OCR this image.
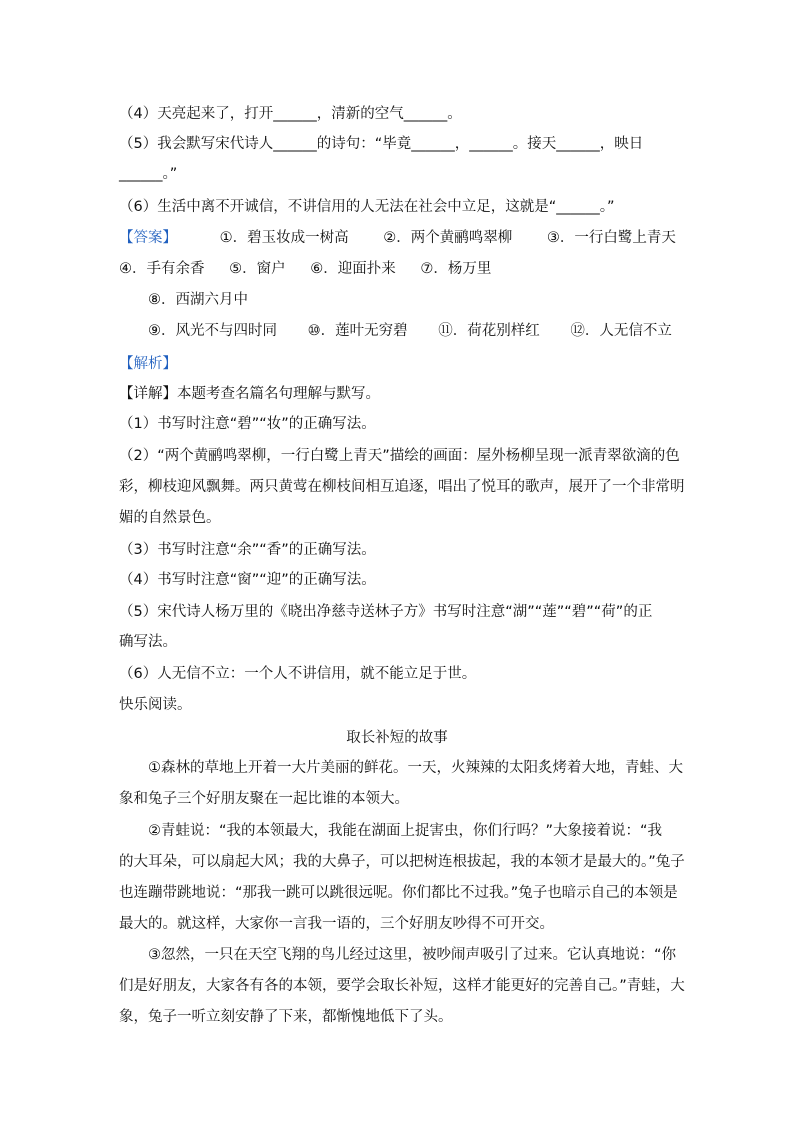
（4）天亮起来了，打开______，清新的空气______。
（5）我会默写宋代诗人______的诗句：“毕竟______，______。接天______，映日
______。”
（6）生活中离不开诚信，不讲信用的人无法在社会中立足，这就是“______。”
【答案】	①．碧玉妆成一树高 ②．两个黄鹂鸣翠柳 ③．一行白鹭上青天
④．手有余香 ⑤．窗户 ⑥．迎面扑来 ⑦．杨万里
⑧．西湖六月中
⑨．风光不与四时同 ⑩．莲叶无穷碧 ⑪．荷花别样红 ⑫．人无信不立
【解析】
【详解】本题考查名篇名句理解与默写。
（1）书写时注意“碧”“妆”的正确写法。
（2）“两个黄鹂鸣翠柳，一行白鹭上青天”描绘的画面：屋外杨柳呈现一派青翠欲滴的色
彩，柳枝迎风飘舞。两只黄莺在柳枝间相互追逐，唱出了悦耳的歌声，展开了一个非常明
媚的自然景色。
（3）书写时注意“余”“香”的正确写法。
（4）书写时注意“窗”“迎”的正确写法。
（5）宋代诗人杨万里的《晓出净慈寺送林子方》书写时注意“湖”“莲”“碧”“荷”的正
确写法。
（6）人无信不立：一个人不讲信用，就不能立足于世。
快乐阅读。
取长补短的故事
①森林的草地上开着一大片美丽的鲜花。一天，火辣辣的太阳炙烤着大地，青蛙、大
象和兔子三个好朋友聚在一起比谁的本领大。
②青蛙说：“我的本领最大，我能在湖面上捉害虫，你们行吗？”大象接着说：“我
的大耳朵，可以扇起大风；我的大鼻子，可以把树连根拔起，我的本领才是最大的。”兔子
也连蹦带跳地说：“那我一跳可以跳很远呢。你们都比不过我。”兔子也暗示自己的本领是
最大的。就这样，大家你一言我一语的，三个好朋友吵得不可开交。
③忽然，一只在天空飞翔的鸟儿经过这里，被吵闹声吸引了过来。它认真地说：“你
们是好朋友，大家各有各的本领，要学会取长补短，这样才能更好的完善自己。”青蛙，大
象，兔子一听立刻安静了下来，都惭愧地低下了头。
